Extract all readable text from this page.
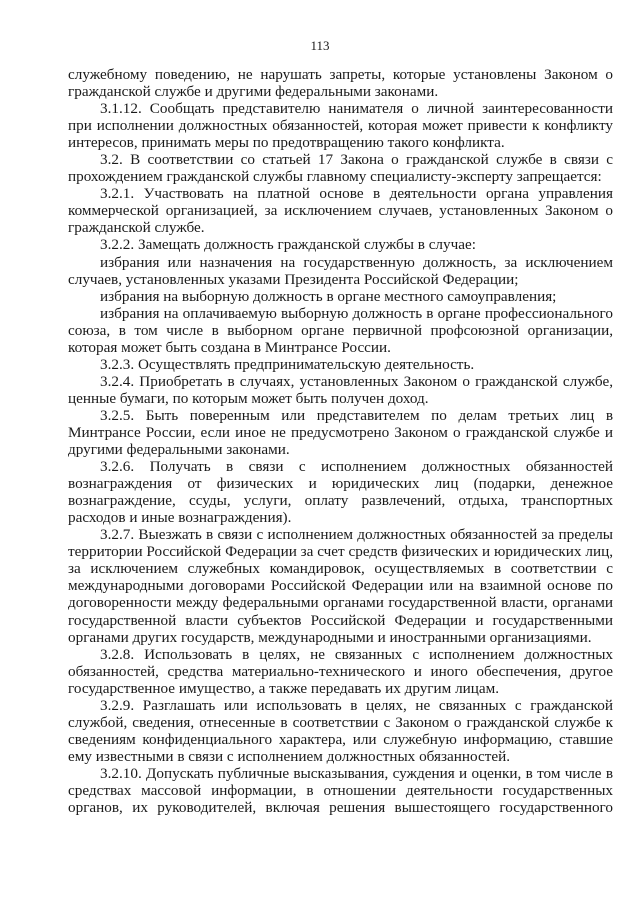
113

служебному поведению, не нарушать запреты, которые установлены Законом о гражданской службе и другими федеральными законами.

3.1.12. Сообщать представителю нанимателя о личной заинтересованности при исполнении должностных обязанностей, которая может привести к конфликту интересов, принимать меры по предотвращению такого конфликта.

3.2. В соответствии со статьей 17 Закона о гражданской службе в связи с прохождением гражданской службы главному специалисту-эксперту запрещается:

3.2.1. Участвовать на платной основе в деятельности органа управления коммерческой организацией, за исключением случаев, установленных Законом о гражданской службе.

3.2.2. Замещать должность гражданской службы в случае:

избрания или назначения на государственную должность, за исключением случаев, установленных указами Президента Российской Федерации;

избрания на выборную должность в органе местного самоуправления;

избрания на оплачиваемую выборную должность в органе профессионального союза, в том числе в выборном органе первичной профсоюзной организации, которая может быть создана в Минтрансе России.

3.2.3. Осуществлять предпринимательскую деятельность.

3.2.4. Приобретать в случаях, установленных Законом о гражданской службе, ценные бумаги, по которым может быть получен доход.

3.2.5. Быть поверенным или представителем по делам третьих лиц в Минтрансе России, если иное не предусмотрено Законом о гражданской службе и другими федеральными законами.

3.2.6. Получать в связи с исполнением должностных обязанностей вознаграждения от физических и юридических лиц (подарки, денежное вознаграждение, ссуды, услуги, оплату развлечений, отдыха, транспортных расходов и иные вознаграждения).

3.2.7. Выезжать в связи с исполнением должностных обязанностей за пределы территории Российской Федерации за счет средств физических и юридических лиц, за исключением служебных командировок, осуществляемых в соответствии с международными договорами Российской Федерации или на взаимной основе по договоренности между федеральными органами государственной власти, органами государственной власти субъектов Российской Федерации и государственными органами других государств, международными и иностранными организациями.

3.2.8. Использовать в целях, не связанных с исполнением должностных обязанностей, средства материально-технического и иного обеспечения, другое государственное имущество, а также передавать их другим лицам.

3.2.9. Разглашать или использовать в целях, не связанных с гражданской службой, сведения, отнесенные в соответствии с Законом о гражданской службе к сведениям конфиденциального характера, или служебную информацию, ставшие ему известными в связи с исполнением должностных обязанностей.

3.2.10. Допускать публичные высказывания, суждения и оценки, в том числе в средствах массовой информации, в отношении деятельности государственных органов, их руководителей, включая решения вышестоящего государственного
